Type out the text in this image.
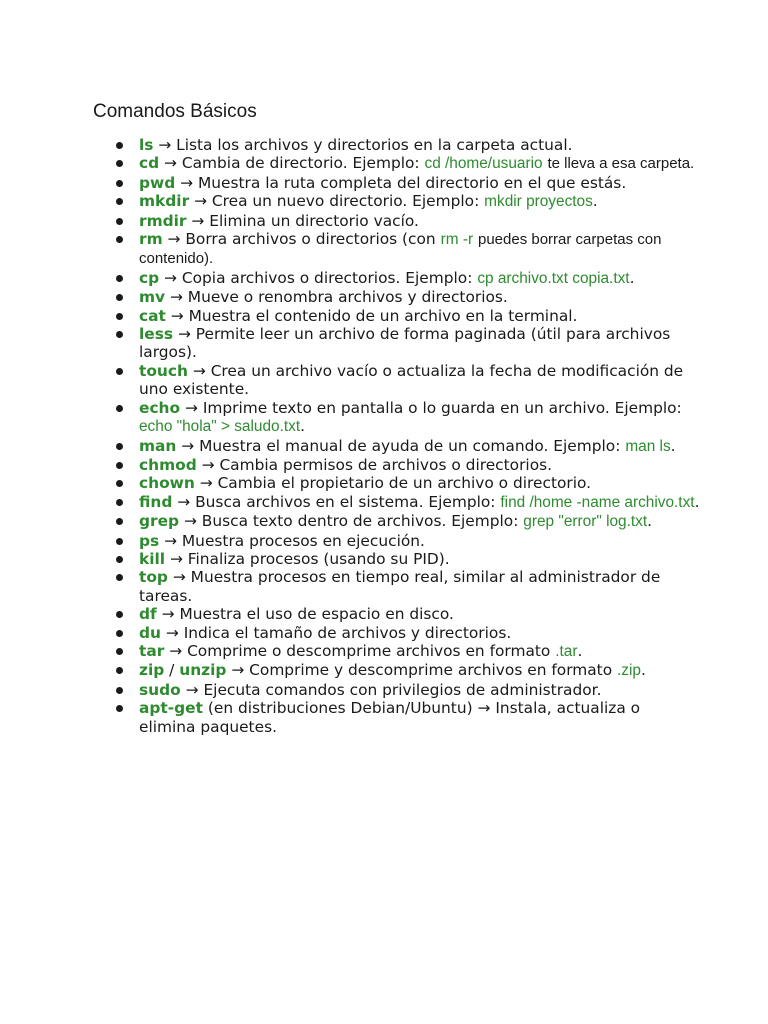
Comandos Básicos
ls → Lista los archivos y directorios en la carpeta actual.
cd → Cambia de directorio. Ejemplo: cd /home/usuario te lleva a esa carpeta.
pwd → Muestra la ruta completa del directorio en el que estás.
mkdir → Crea un nuevo directorio. Ejemplo: mkdir proyectos.
rmdir → Elimina un directorio vacío.
rm → Borra archivos o directorios (con rm -r puedes borrar carpetas con contenido).
cp → Copia archivos o directorios. Ejemplo: cp archivo.txt copia.txt.
mv → Mueve o renombra archivos y directorios.
cat → Muestra el contenido de un archivo en la terminal.
less → Permite leer un archivo de forma paginada (útil para archivos largos).
touch → Crea un archivo vacío o actualiza la fecha de modificación de uno existente.
echo → Imprime texto en pantalla o lo guarda en un archivo. Ejemplo: echo "hola" > saludo.txt.
man → Muestra el manual de ayuda de un comando. Ejemplo: man ls.
chmod → Cambia permisos de archivos o directorios.
chown → Cambia el propietario de un archivo o directorio.
find → Busca archivos en el sistema. Ejemplo: find /home -name archivo.txt.
grep → Busca texto dentro de archivos. Ejemplo: grep "error" log.txt.
ps → Muestra procesos en ejecución.
kill → Finaliza procesos (usando su PID).
top → Muestra procesos en tiempo real, similar al administrador de tareas.
df → Muestra el uso de espacio en disco.
du → Indica el tamaño de archivos y directorios.
tar → Comprime o descomprime archivos en formato .tar.
zip / unzip → Comprime y descomprime archivos en formato .zip.
sudo → Ejecuta comandos con privilegios de administrador.
apt-get (en distribuciones Debian/Ubuntu) → Instala, actualiza o elimina paquetes.
